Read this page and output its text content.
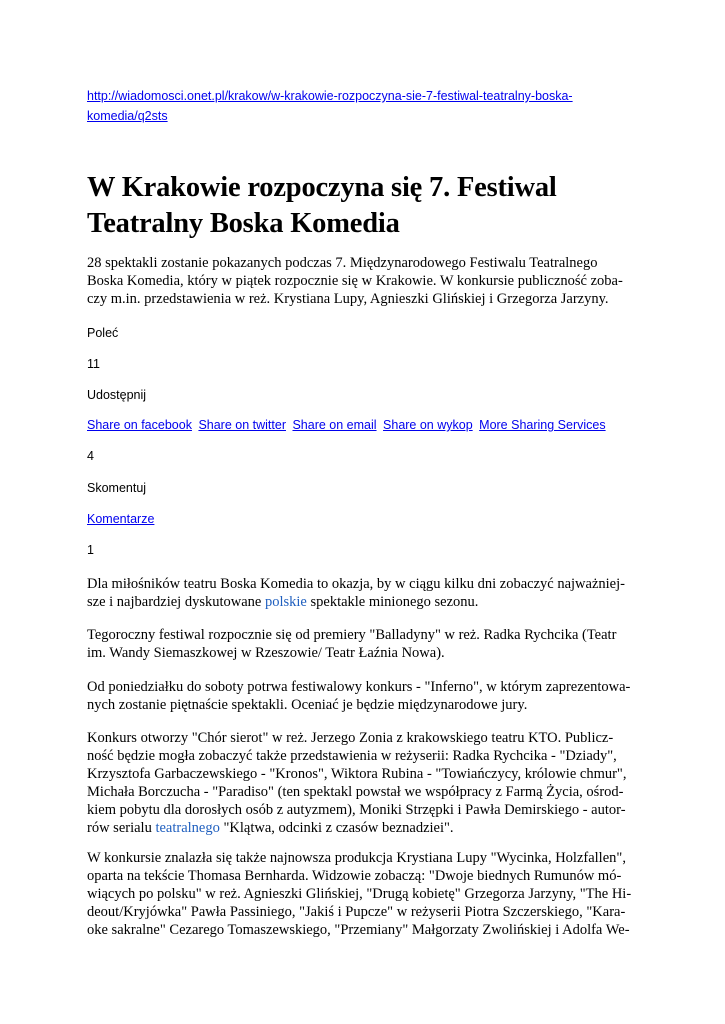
http://wiadomosci.onet.pl/krakow/w-krakowie-rozpoczyna-sie-7-festiwal-teatralny-boska-
komedia/q2sts
W Krakowie rozpoczyna się 7. Festiwal
Teatralny Boska Komedia
28 spektakli zostanie pokazanych podczas 7. Międzynarodowego Festiwalu Teatralnego
Boska Komedia, który w piątek rozpocznie się w Krakowie. W konkursie publiczność zoba-
czy m.in. przedstawienia w reż. Krystiana Lupy, Agnieszki Glińskiej i Grzegorza Jarzyny.
Poleć
11
Udostępnij
Share on facebook Share on twitter Share on email Share on wykop More Sharing Services
4
Skomentuj
Komentarze
1
Dla miłośników teatru Boska Komedia to okazja, by w ciągu kilku dni zobaczyć najważniej-
sze i najbardziej dyskutowane polskie spektakle minionego sezonu.
Tegoroczny festiwal rozpocznie się od premiery "Balladyny" w reż. Radka Rychcika (Teatr
im. Wandy Siemaszkowej w Rzeszowie/ Teatr Łaźnia Nowa).
Od poniedziałku do soboty potrwa festiwalowy konkurs - "Inferno", w którym zaprezentowa-
nych zostanie piętnaście spektakli. Oceniać je będzie międzynarodowe jury.
Konkurs otworzy "Chór sierot" w reż. Jerzego Zonia z krakowskiego teatru KTO. Publicz-
ność będzie mogła zobaczyć także przedstawienia w reżyserii: Radka Rychcika - "Dziady",
Krzysztofa Garbaczewskiego - "Kronos", Wiktora Rubina - "Towiańczycy, królowie chmur",
Michała Borczucha - "Paradiso" (ten spektakl powstał we współpracy z Farmą Życia, ośrod-
kiem pobytu dla dorosłych osób z autyzmem), Moniki Strzępki i Pawła Demirskiego - autor-
rów serialu teatralnego "Klątwa, odcinki z czasów beznadziei".
W konkursie znalazła się także najnowsza produkcja Krystiana Lupy "Wycinka, Holzfallen",
oparta na tekście Thomasa Bernharda. Widzowie zobaczą: "Dwoje biednych Rumunów mó-
wiących po polsku" w reż. Agnieszki Glińskiej, "Drugą kobietę" Grzegorza Jarzyny, "The Hi-
deout/Kryjówka" Pawła Passiniego, "Jakiś i Pupcze" w reżyserii Piotra Szczerskiego, "Kara-
oke sakralne" Cezarego Tomaszewskiego, "Przemiany" Małgorzaty Zwolińskiej i Adolfa We-
